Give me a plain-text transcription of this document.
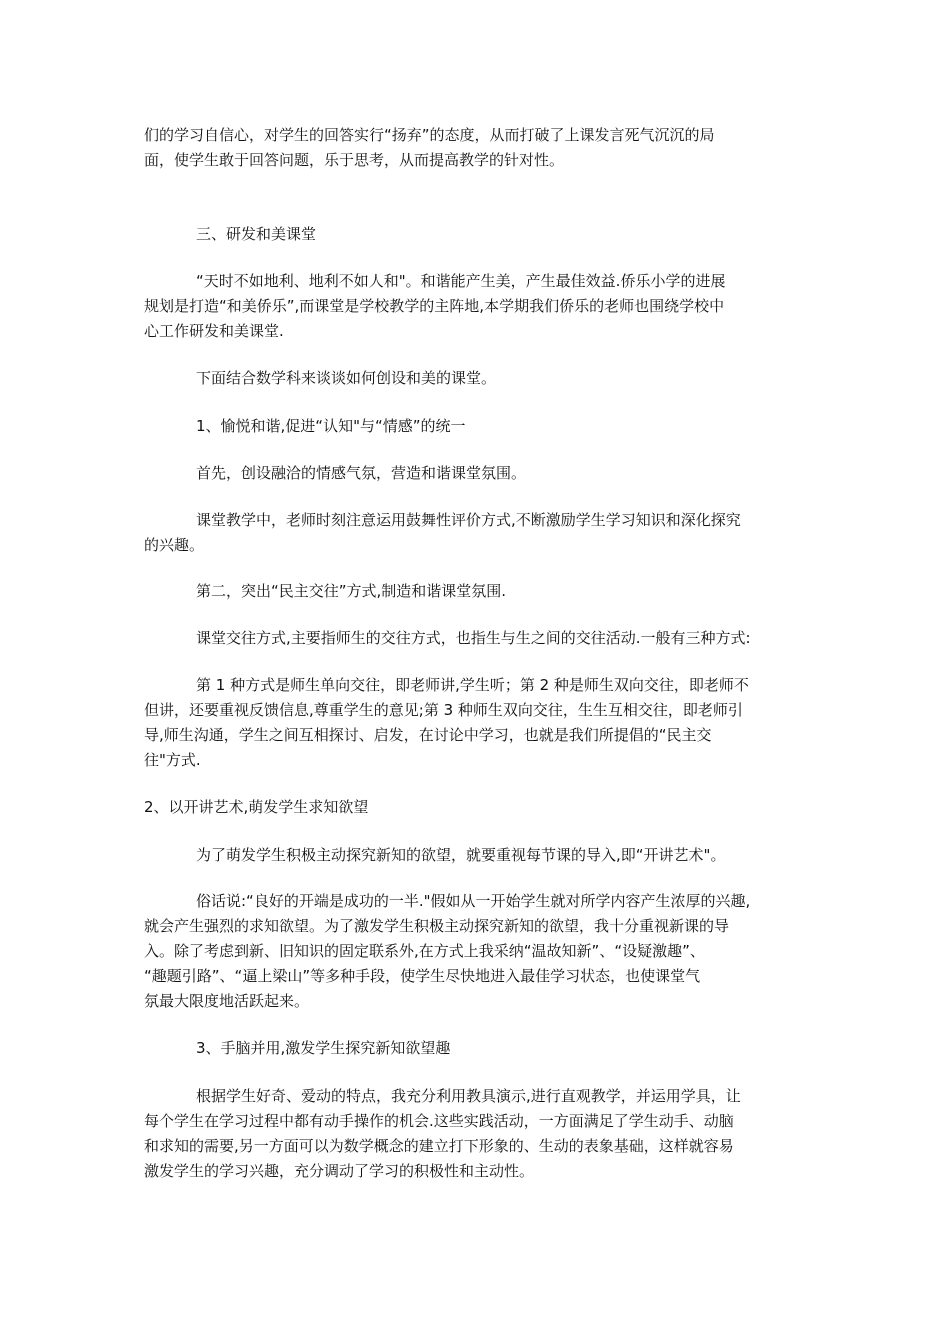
们的学习自信心，对学生的回答实行“扬弃”的态度，从而打破了上课发言死气沉沉的局
面，使学生敢于回答问题，乐于思考，从而提高教学的针对性。
三、研发和美课堂
“天时不如地利、地利不如人和"。和谐能产生美，产生最佳效益.侨乐小学的进展
规划是打造“和美侨乐”,而课堂是学校教学的主阵地,本学期我们侨乐的老师也围绕学校中
心工作研发和美课堂.
下面结合数学科来谈谈如何创设和美的课堂。
1、愉悦和谐,促进“认知"与“情感”的统一
首先，创设融洽的情感气氛，营造和谐课堂氛围。
课堂教学中，老师时刻注意运用鼓舞性评价方式,不断激励学生学习知识和深化探究
的兴趣。
第二，突出“民主交往”方式,制造和谐课堂氛围.
课堂交往方式,主要指师生的交往方式，也指生与生之间的交往活动.一般有三种方式:
第 1 种方式是师生单向交往，即老师讲,学生听；第 2 种是师生双向交往，即老师不
但讲，还要重视反馈信息,尊重学生的意见;第 3 种师生双向交往，生生互相交往，即老师引
导,师生沟通，学生之间互相探讨、启发，在讨论中学习，也就是我们所提倡的“民主交
往"方式.
2、以开讲艺术,萌发学生求知欲望
为了萌发学生积极主动探究新知的欲望，就要重视每节课的导入,即“开讲艺术"。
俗话说:“良好的开端是成功的一半."假如从一开始学生就对所学内容产生浓厚的兴趣,
就会产生强烈的求知欲望。为了激发学生积极主动探究新知的欲望，我十分重视新课的导
入。除了考虑到新、旧知识的固定联系外,在方式上我采纳“温故知新”、“设疑激趣”、
“趣题引路”、“逼上梁山”等多种手段，使学生尽快地进入最佳学习状态，也使课堂气
氛最大限度地活跃起来。
3、手脑并用,激发学生探究新知欲望趣
根据学生好奇、爱动的特点，我充分利用教具演示,进行直观教学，并运用学具，让
每个学生在学习过程中都有动手操作的机会.这些实践活动，一方面满足了学生动手、动脑
和求知的需要,另一方面可以为数学概念的建立打下形象的、生动的表象基础，这样就容易
激发学生的学习兴趣，充分调动了学习的积极性和主动性。
